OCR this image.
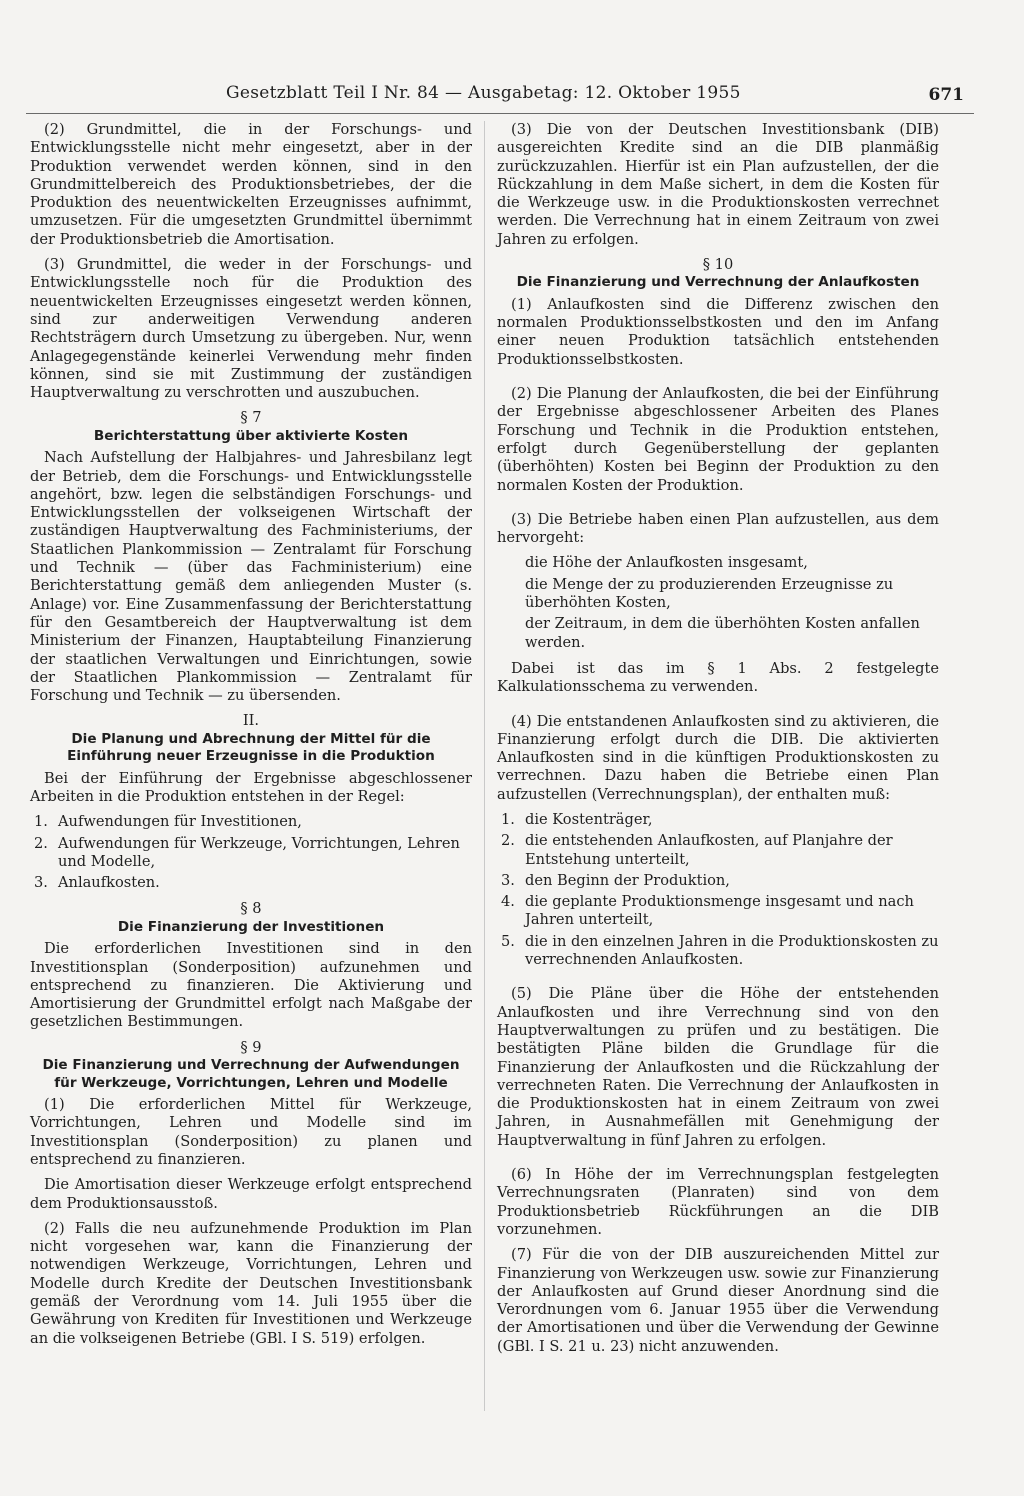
Gesetzblatt Teil I Nr. 84 — Ausgabetag: 12. Oktober 1955	671

(2) Grundmittel, die in der Forschungs- und Entwicklungsstelle nicht mehr eingesetzt, aber in der Produktion verwendet werden können, sind in den Grundmittelbereich des Produktionsbetriebes, der die Produktion des neuentwickelten Erzeugnisses aufnimmt, umzusetzen. Für die umgesetzten Grundmittel übernimmt der Produktionsbetrieb die Amortisation.

(3) Grundmittel, die weder in der Forschungs- und Entwicklungsstelle noch für die Produktion des neuentwickelten Erzeugnisses eingesetzt werden können, sind zur anderweitigen Verwendung anderen Rechtsträgern durch Umsetzung zu übergeben. Nur, wenn Anlagegegenstände keinerlei Verwendung mehr finden können, sind sie mit Zustimmung der zuständigen Hauptverwaltung zu verschrotten und auszubuchen.

§ 7

Berichterstattung über aktivierte Kosten

Nach Aufstellung der Halbjahres- und Jahresbilanz legt der Betrieb, dem die Forschungs- und Entwicklungsstelle angehört, bzw. legen die selbständigen Forschungs- und Entwicklungsstellen der volkseigenen Wirtschaft der zuständigen Hauptverwaltung des Fachministeriums, der Staatlichen Plankommission — Zentralamt für Forschung und Technik — (über das Fachministerium) eine Berichterstattung gemäß dem anliegenden Muster (s. Anlage) vor. Eine Zusammenfassung der Berichterstattung für den Gesamtbereich der Hauptverwaltung ist dem Ministerium der Finanzen, Hauptabteilung Finanzierung der staatlichen Verwaltungen und Einrichtungen, sowie der Staatlichen Plankommission — Zentralamt für Forschung und Technik — zu übersenden.

II.

Die Planung und Abrechnung der Mittel für die Einführung neuer Erzeugnisse in die Produktion

Bei der Einführung der Ergebnisse abgeschlossener Arbeiten in die Produktion entstehen in der Regel:

1. Aufwendungen für Investitionen,
2. Aufwendungen für Werkzeuge, Vorrichtungen, Lehren und Modelle,
3. Anlaufkosten.

§ 8

Die Finanzierung der Investitionen

Die erforderlichen Investitionen sind in den Investitionsplan (Sonderposition) aufzunehmen und entsprechend zu finanzieren. Die Aktivierung und Amortisierung der Grundmittel erfolgt nach Maßgabe der gesetzlichen Bestimmungen.

§ 9

Die Finanzierung und Verrechnung der Aufwendungen für Werkzeuge, Vorrichtungen, Lehren und Modelle

(1) Die erforderlichen Mittel für Werkzeuge, Vorrichtungen, Lehren und Modelle sind im Investitionsplan (Sonderposition) zu planen und entsprechend zu finanzieren.

Die Amortisation dieser Werkzeuge erfolgt entsprechend dem Produktionsausstoß.

(2) Falls die neu aufzunehmende Produktion im Plan nicht vorgesehen war, kann die Finanzierung der notwendigen Werkzeuge, Vorrichtungen, Lehren und Modelle durch Kredite der Deutschen Investitionsbank gemäß der Verordnung vom 14. Juli 1955 über die Gewährung von Krediten für Investitionen und Werkzeuge an die volkseigenen Betriebe (GBl. I S. 519) erfolgen.

(3) Die von der Deutschen Investitionsbank (DIB) ausgereichten Kredite sind an die DIB planmäßig zurückzuzahlen. Hierfür ist ein Plan aufzustellen, der die Rückzahlung in dem Maße sichert, in dem die Kosten für die Werkzeuge usw. in die Produktionskosten verrechnet werden. Die Verrechnung hat in einem Zeitraum von zwei Jahren zu erfolgen.

§ 10

Die Finanzierung und Verrechnung der Anlaufkosten

(1) Anlaufkosten sind die Differenz zwischen den normalen Produktionsselbstkosten und den im Anfang einer neuen Produktion tatsächlich entstehenden Produktionsselbstkosten.

(2) Die Planung der Anlaufkosten, die bei der Einführung der Ergebnisse abgeschlossener Arbeiten des Planes Forschung und Technik in die Produktion entstehen, erfolgt durch Gegenüberstellung der geplanten (überhöhten) Kosten bei Beginn der Produktion zu den normalen Kosten der Produktion.

(3) Die Betriebe haben einen Plan aufzustellen, aus dem hervorgeht:

die Höhe der Anlaufkosten insgesamt,
die Menge der zu produzierenden Erzeugnisse zu überhöhten Kosten,
der Zeitraum, in dem die überhöhten Kosten anfallen werden.

Dabei ist das im § 1 Abs. 2 festgelegte Kalkulationsschema zu verwenden.

(4) Die entstandenen Anlaufkosten sind zu aktivieren, die Finanzierung erfolgt durch die DIB. Die aktivierten Anlaufkosten sind in die künftigen Produktionskosten zu verrechnen. Dazu haben die Betriebe einen Plan aufzustellen (Verrechnungsplan), der enthalten muß:

1. die Kostenträger,
2. die entstehenden Anlaufkosten, auf Planjahre der Entstehung unterteilt,
3. den Beginn der Produktion,
4. die geplante Produktionsmenge insgesamt und nach Jahren unterteilt,
5. die in den einzelnen Jahren in die Produktionskosten zu verrechnenden Anlaufkosten.

(5) Die Pläne über die Höhe der entstehenden Anlaufkosten und ihre Verrechnung sind von den Hauptverwaltungen zu prüfen und zu bestätigen. Die bestätigten Pläne bilden die Grundlage für die Finanzierung der Anlaufkosten und die Rückzahlung der verrechneten Raten. Die Verrechnung der Anlaufkosten in die Produktionskosten hat in einem Zeitraum von zwei Jahren, in Ausnahmefällen mit Genehmigung der Hauptverwaltung in fünf Jahren zu erfolgen.

(6) In Höhe der im Verrechnungsplan festgelegten Verrechnungsraten (Planraten) sind von dem Produktionsbetrieb Rückführungen an die DIB vorzunehmen.

(7) Für die von der DIB auszureichenden Mittel zur Finanzierung von Werkzeugen usw. sowie zur Finanzierung der Anlaufkosten auf Grund dieser Anordnung sind die Verordnungen vom 6. Januar 1955 über die Verwendung der Amortisationen und über die Verwendung der Gewinne (GBl. I S. 21 u. 23) nicht anzuwenden.
